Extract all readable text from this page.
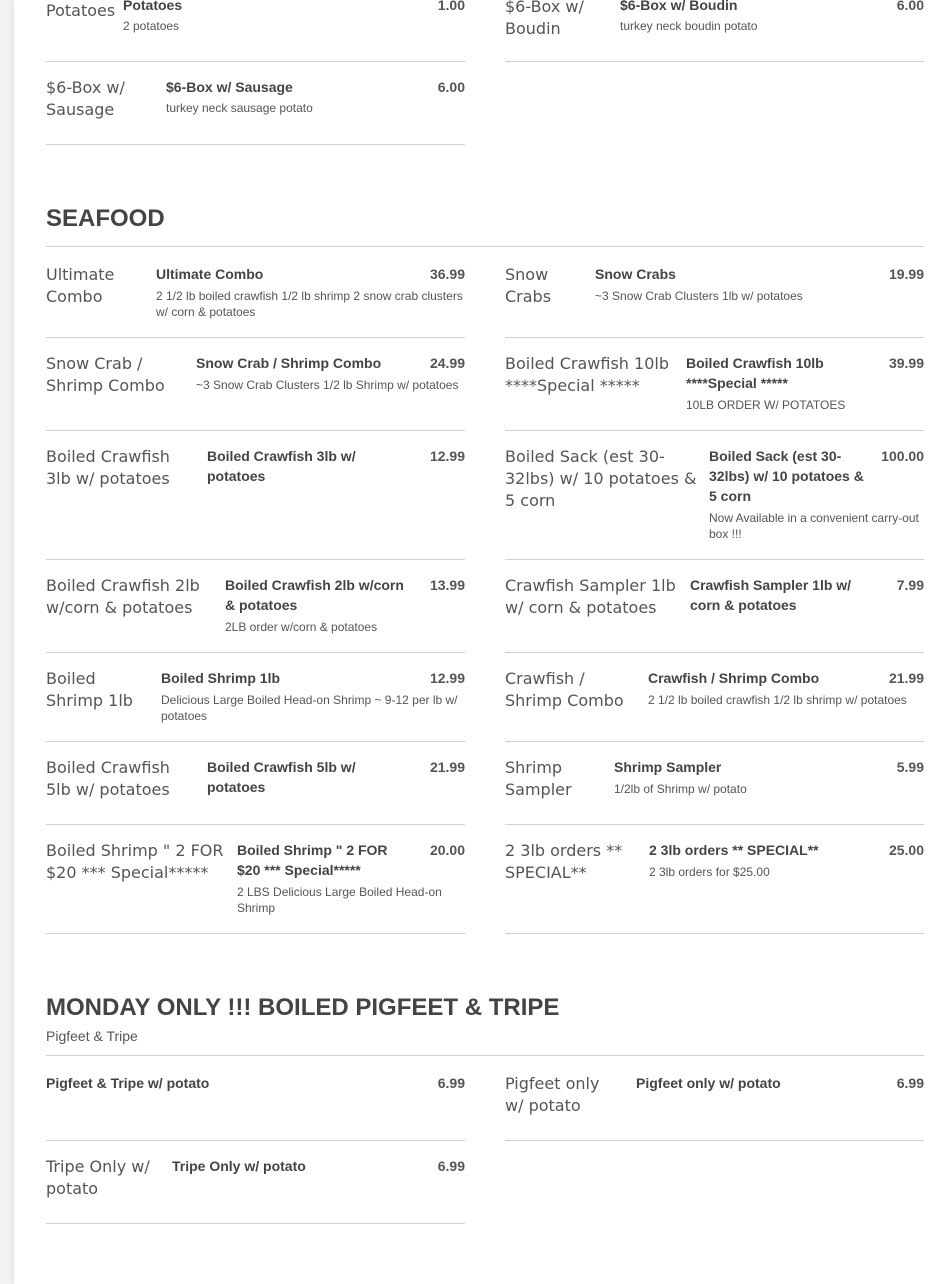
Potatoes Potatoes
2 potatoes
1.00	$6-Box w/ Boudin
$6-Box w/ Boudin
turkey neck boudin potato
6.00
$6-Box w/ Sausage
$6-Box w/ Sausage
turkey neck sausage potato
6.00
SEAFOOD
Ultimate Combo
Ultimate Combo
2 1/2 lb boiled crawfish 1/2 lb shrimp 2 snow crab clusters w/ corn & potatoes
36.99	Snow Crabs
Snow Crabs
~3 Snow Crab Clusters 1lb w/ potatoes
19.99
Snow Crab / Shrimp Combo
Snow Crab / Shrimp Combo
~3 Snow Crab Clusters 1/2 lb Shrimp w/ potatoes
24.99	Boiled Crawfish 10lb ****Special *****
Boiled Crawfish 10lb ****Special *****
10LB ORDER W/ POTATOES
39.99
Boiled Crawfish 3lb w/ potatoes
Boiled Crawfish 3lb w/ potatoes
12.99	Boiled Sack (est 30-32lbs) w/ 10 potatoes & 5 corn
Boiled Sack (est 30-32lbs) w/ 10 potatoes & 5 corn
Now Available in a convenient carry-out box !!!
100.00
Boiled Crawfish 2lb w/corn & potatoes
Boiled Crawfish 2lb w/corn & potatoes
2LB order w/corn & potatoes
13.99	Crawfish Sampler 1lb w/ corn & potatoes
Crawfish Sampler 1lb w/ corn & potatoes
7.99
Boiled Shrimp 1lb
Boiled Shrimp 1lb
Delicious Large Boiled Head-on Shrimp ~ 9-12 per lb w/ potatoes
12.99	Crawfish / Shrimp Combo
Crawfish / Shrimp Combo
2 1/2 lb boiled crawfish 1/2 lb shrimp w/ potatoes
21.99
Boiled Crawfish 5lb w/ potatoes
Boiled Crawfish 5lb w/ potatoes
21.99	Shrimp Sampler
Shrimp Sampler
1/2lb of Shrimp w/ potato
5.99
Boiled Shrimp " 2 FOR $20 *** Special*****
Boiled Shrimp " 2 FOR $20 *** Special*****
2 LBS Delicious Large Boiled Head-on Shrimp
20.00	2 3lb orders ** SPECIAL**
2 3lb orders ** SPECIAL**
2 3lb orders for $25.00
25.00
MONDAY ONLY !!! BOILED PIGFEET & TRIPE
Pigfeet & Tripe
Pigfeet & Tripe w/ potato	6.99	Pigfeet only w/ potato
Pigfeet only w/ potato	6.99
Tripe Only w/ potato
Tripe Only w/ potato	6.99
